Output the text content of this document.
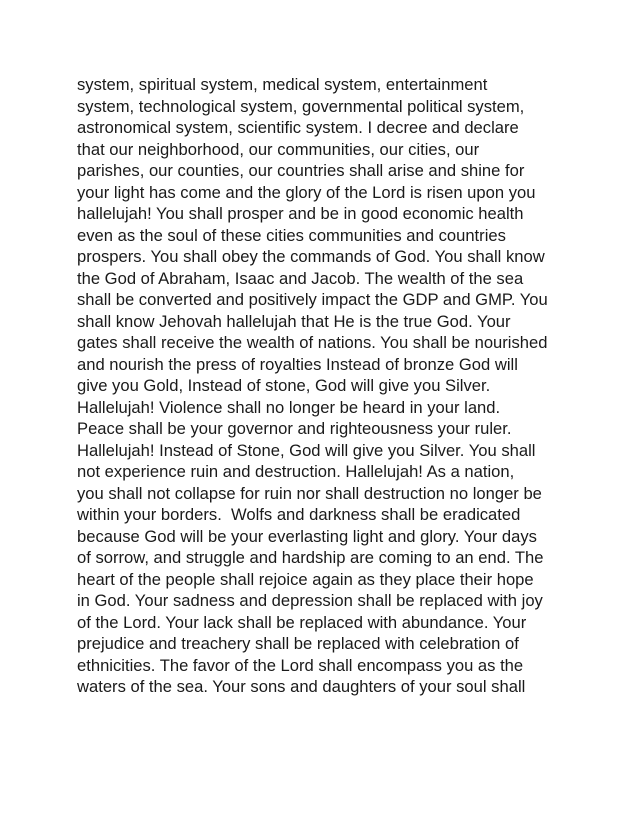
system, spiritual system, medical system, entertainment
system, technological system, governmental political system,
astronomical system, scientific system. I decree and declare
that our neighborhood, our communities, our cities, our
parishes, our counties, our countries shall arise and shine for
your light has come and the glory of the Lord is risen upon you
hallelujah! You shall prosper and be in good economic health
even as the soul of these cities communities and countries
prospers. You shall obey the commands of God. You shall know
the God of Abraham, Isaac and Jacob. The wealth of the sea
shall be converted and positively impact the GDP and GMP. You
shall know Jehovah hallelujah that He is the true God. Your
gates shall receive the wealth of nations. You shall be nourished
and nourish the press of royalties Instead of bronze God will
give you Gold, Instead of stone, God will give you Silver.
Hallelujah! Violence shall no longer be heard in your land.
Peace shall be your governor and righteousness your ruler.
Hallelujah! Instead of Stone, God will give you Silver. You shall
not experience ruin and destruction. Hallelujah! As a nation,
you shall not collapse for ruin nor shall destruction no longer be
within your borders.  Wolfs and darkness shall be eradicated
because God will be your everlasting light and glory. Your days
of sorrow, and struggle and hardship are coming to an end. The
heart of the people shall rejoice again as they place their hope
in God. Your sadness and depression shall be replaced with joy
of the Lord. Your lack shall be replaced with abundance. Your
prejudice and treachery shall be replaced with celebration of
ethnicities. The favor of the Lord shall encompass you as the
waters of the sea. Your sons and daughters of your soul shall
